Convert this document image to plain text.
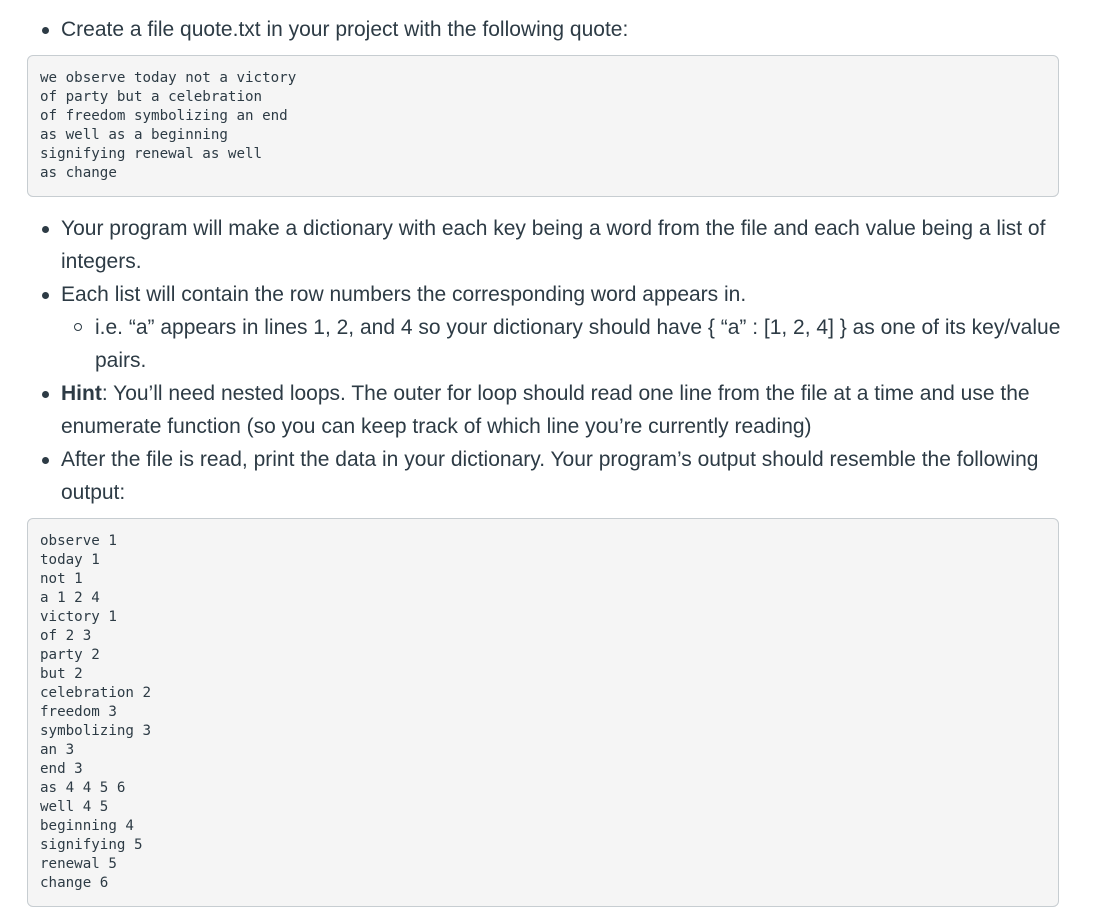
Create a file quote.txt in your project with the following quote:
we observe today not a victory
of party but a celebration
of freedom symbolizing an end
as well as a beginning
signifying renewal as well
as change
Your program will make a dictionary with each key being a word from the file and each value being a list of integers.
Each list will contain the row numbers the corresponding word appears in.
i.e. “a” appears in lines 1, 2, and 4 so your dictionary should have { “a” : [1, 2, 4] } as one of its key/value pairs.
Hint: You’ll need nested loops. The outer for loop should read one line from the file at a time and use the enumerate function (so you can keep track of which line you’re currently reading)
After the file is read, print the data in your dictionary. Your program’s output should resemble the following output:
observe 1
today 1
not 1
a 1 2 4
victory 1
of 2 3
party 2
but 2
celebration 2
freedom 3
symbolizing 3
an 3
end 3
as 4 4 5 6
well 4 5
beginning 4
signifying 5
renewal 5
change 6
